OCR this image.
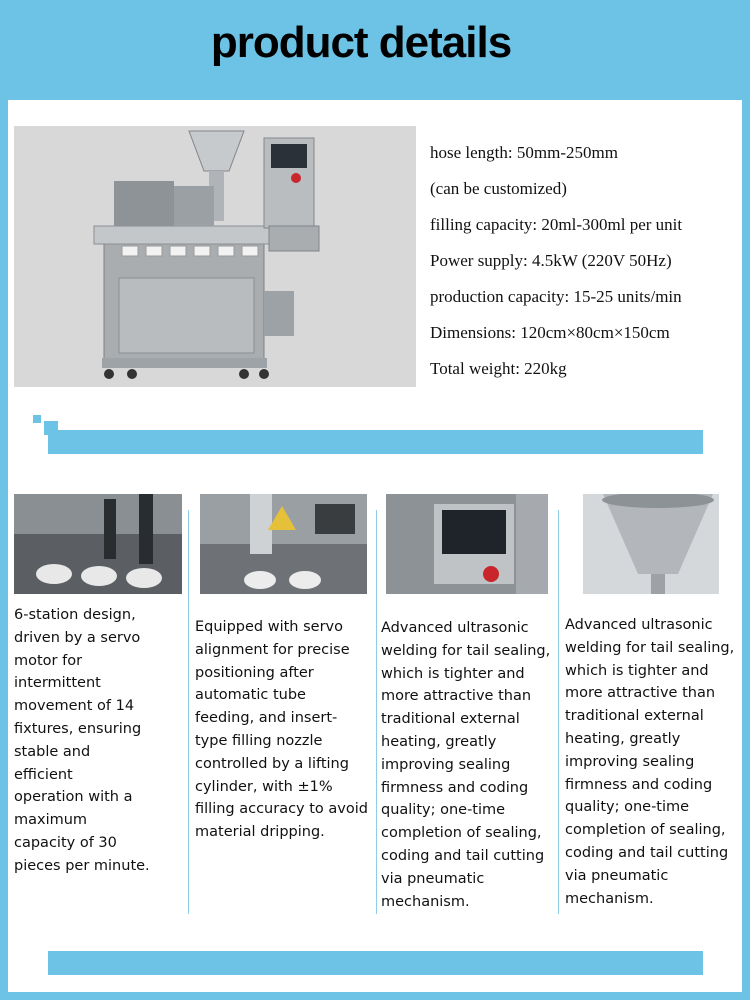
product details
hose length: 50mm-250mm
(can be customized)
filling capacity: 20ml-300ml per unit
Power supply: 4.5kW (220V 50Hz)
production capacity: 15-25 units/min
Dimensions: 120cm×80cm×150cm
Total weight: 220kg
6-station design,
driven by a servo
motor for
intermittent
movement of 14
fixtures, ensuring
stable and
efficient
operation with a
maximum
capacity of 30
pieces per minute.
Equipped with servo
alignment for precise
positioning after
automatic tube
feeding, and insert-
type filling nozzle
controlled by a lifting
cylinder, with ±1%
filling accuracy to avoid
material dripping.
Advanced ultrasonic
welding for tail sealing,
which is tighter and
more attractive than
traditional external
heating, greatly
improving sealing
firmness and coding
quality; one-time
completion of sealing,
coding and tail cutting
via pneumatic
mechanism.
Advanced ultrasonic
welding for tail sealing,
which is tighter and
more attractive than
traditional external
heating, greatly
improving sealing
firmness and coding
quality; one-time
completion of sealing,
coding and tail cutting
via pneumatic
mechanism.
